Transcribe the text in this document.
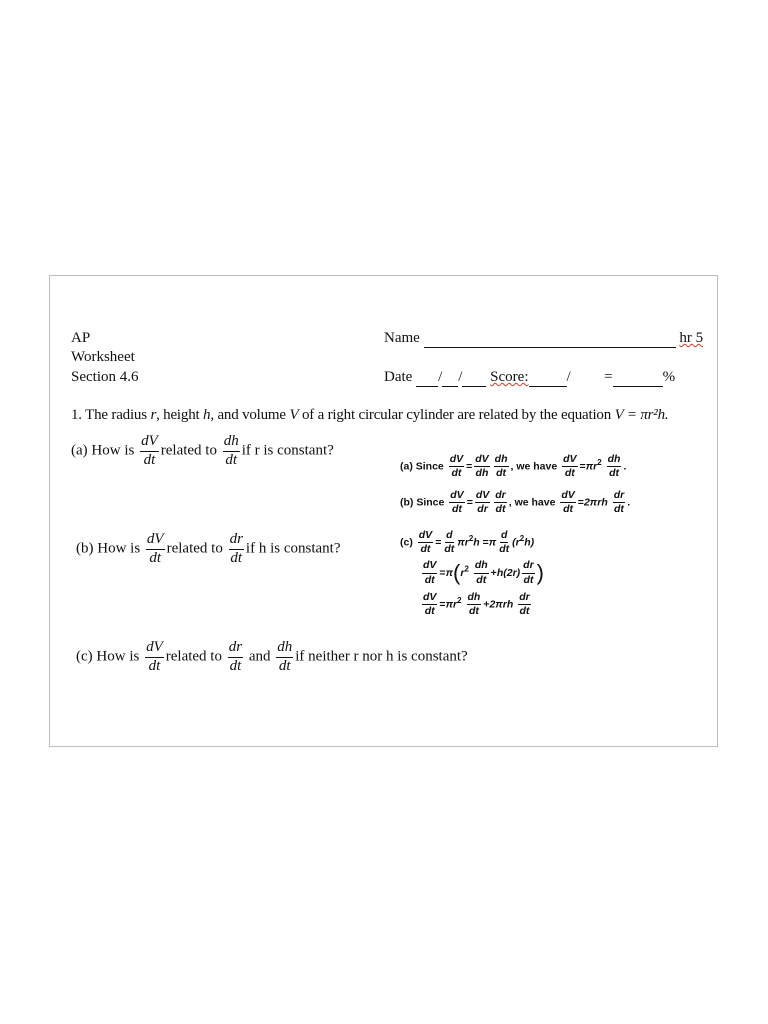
AP
Worksheet
Section 4.6
Name	hr 5
Date / / Score:	/ =	%
1. The radius r, height h, and volume V of a right circular cylinder are related by the equation V = πr²h.
(a) How is $\frac{dV}{dt}$ related to $\frac{dh}{dt}$ if r is constant?
(b) How is $\frac{dV}{dt}$ related to $\frac{dr}{dt}$ if h is constant?
(c) How is $\frac{dV}{dt}$ related to $\frac{dr}{dt}$ and $\frac{dh}{dt}$ if neither r nor h is constant?
(a) Since $\frac{dV}{dt} = \frac{dV}{dh} \frac{dh}{dt}$ , we have $\frac{dV}{dt} =\pi r^2 \frac{dh}{dt}$ .
(b) Since $\frac{dV}{dt} = \frac{dV}{dr} \frac{dr}{dt}$ , we have $\frac{dV}{dt} =2\pi rh \frac{dr}{dt}$ .
$(c) \frac{dV}{dt} = \frac{d}{dt} \pi r^2h =\pi \frac{d}{dt} (r^2h)$
$\frac{dV}{dt} =\pi(r^2 \frac{dh}{dt} +h(2r) \frac{dr}{dt}$ )
$\frac{dV}{dt} =\pi r^2 \frac{dh}{dt} +2\pi rh \frac{dr}{dt}$
